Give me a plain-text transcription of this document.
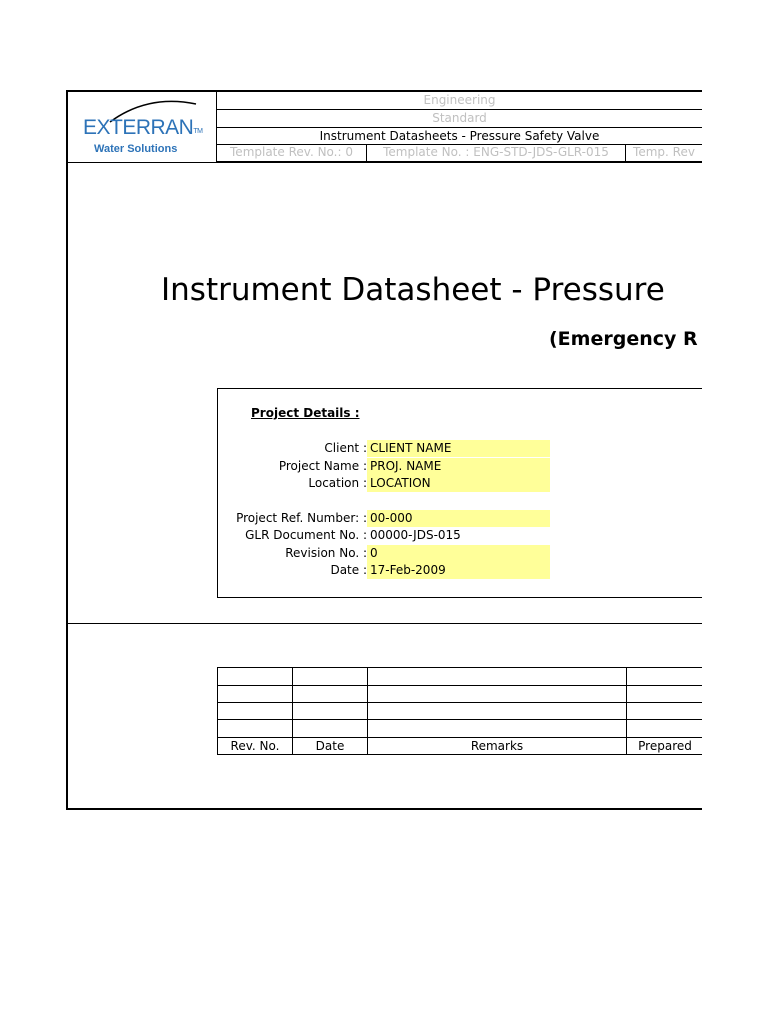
EXTERRAN™
Water Solutions
Engineering
Standard
Instrument Datasheets - Pressure Safety Valve
Template Rev. No.: 0	Template No. : ENG-STD-JDS-GLR-015	Temp. Rev
Instrument Datasheet - Pressure
(Emergency R
Project Details :
Client : CLIENT NAME
Project Name : PROJ. NAME
Location : LOCATION
Project Ref. Number: : 00-000
GLR Document No. : 00000-JDS-015
Revision No. : 0
Date : 17-Feb-2009
Rev. No.	Date	Remarks	Prepared
